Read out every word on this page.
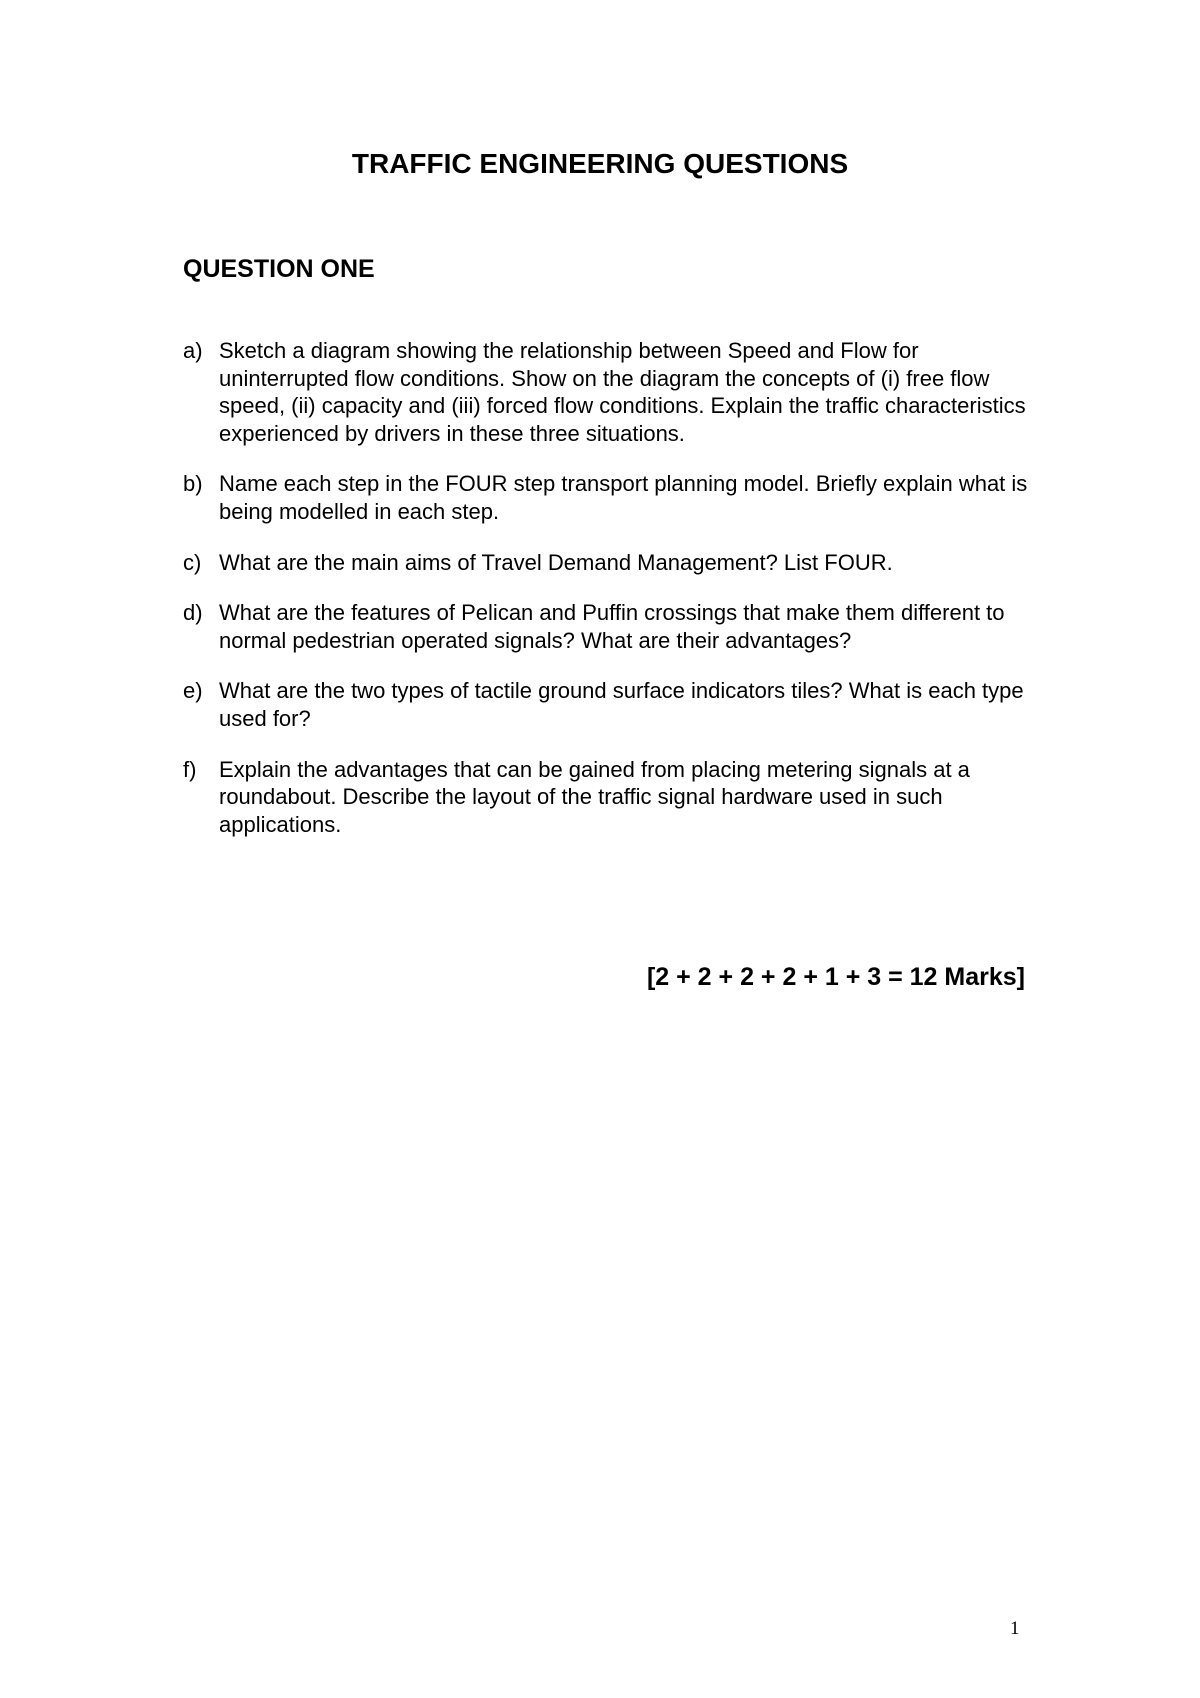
TRAFFIC ENGINEERING QUESTIONS
QUESTION ONE
a) Sketch a diagram showing the relationship between Speed and Flow for uninterrupted flow conditions. Show on the diagram the concepts of (i) free flow speed, (ii) capacity and (iii) forced flow conditions. Explain the traffic characteristics experienced by drivers in these three situations.
b) Name each step in the FOUR step transport planning model. Briefly explain what is being modelled in each step.
c) What are the main aims of Travel Demand Management? List FOUR.
d) What are the features of Pelican and Puffin crossings that make them different to normal pedestrian operated signals? What are their advantages?
e) What are the two types of tactile ground surface indicators tiles? What is each type used for?
f) Explain the advantages that can be gained from placing metering signals at a roundabout. Describe the layout of the traffic signal hardware used in such applications.

[2 + 2 + 2 + 2 + 1 + 3 = 12 Marks]

1
